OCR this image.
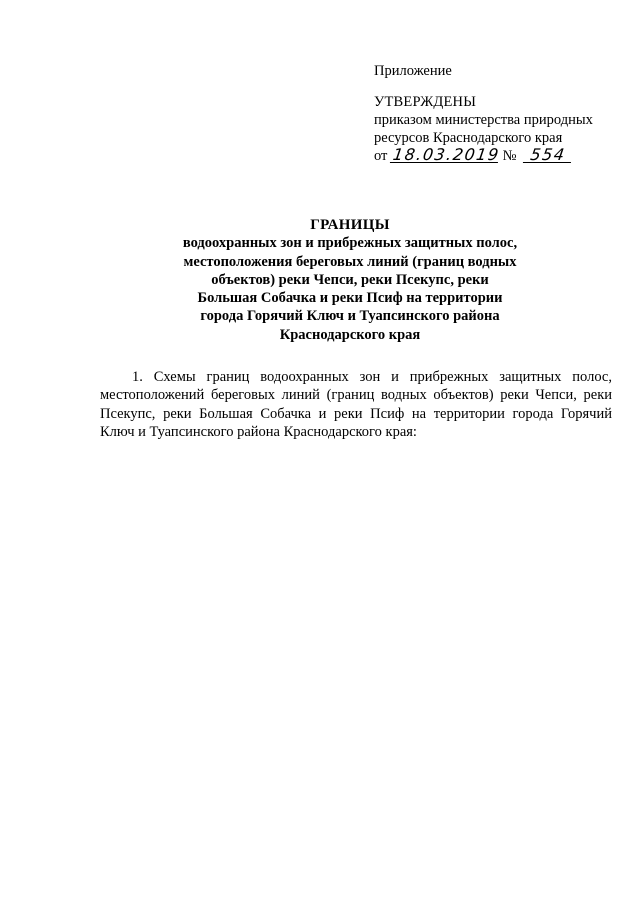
Приложение
УТВЕРЖДЕНЫ
приказом министерства природных
ресурсов Краснодарского края
от 18.03.2019 № 554
ГРАНИЦЫ
водоохранных зон и прибрежных защитных полос,
местоположения береговых линий (границ водных
объектов) реки Чепси, реки Псекупс, реки
Большая Собачка и реки Псиф на территории
города Горячий Ключ и Туапсинского района
Краснодарского края
1. Схемы границ водоохранных зон и прибрежных защитных полос,
местоположений береговых линий (границ водных объектов) реки Чепси, реки
Псекупс, реки Большая Собачка и реки Псиф на территории города Горячий
Ключ и Туапсинского района Краснодарского края:
